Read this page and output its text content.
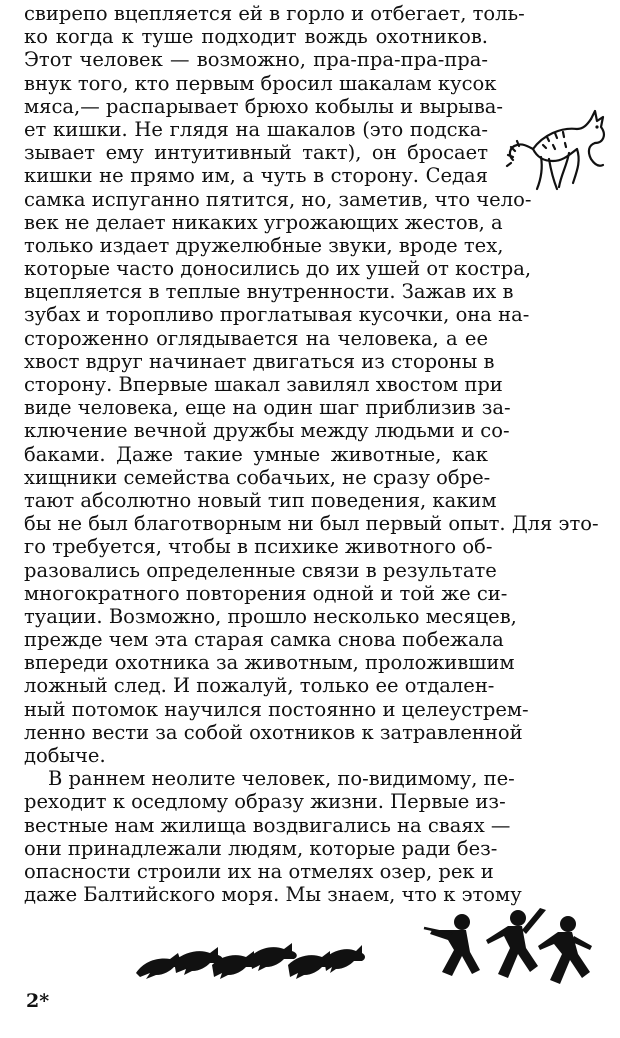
свирепо вцепляется ей в горло и отбегает, толь-
ко когда к туше подходит вождь охотников.
Этот человек — возможно, пра-пра-пра-пра-
внук того, кто первым бросил шакалам кусок
мяса,— распарывает брюхо кобылы и вырыва-
ет кишки. Не глядя на шакалов (это подска-
зывает ему интуитивный такт), он бросает
кишки не прямо им, а чуть в сторону. Седая
самка испуганно пятится, но, заметив, что чело-
век не делает никаких угрожающих жестов, а
только издает дружелюбные звуки, вроде тех,
которые часто доносились до их ушей от костра,
вцепляется в теплые внутренности. Зажав их в
зубах и торопливо проглатывая кусочки, она на-
стороженно оглядывается на человека, а ее
хвост вдруг начинает двигаться из стороны в
сторону. Впервые шакал завилял хвостом при
виде человека, еще на один шаг приблизив за-
ключение вечной дружбы между людьми и со-
баками. Даже такие умные животные, как
хищники семейства собачьих, не сразу обре-
тают абсолютно новый тип поведения, каким
бы не был благотворным ни был первый опыт. Для это-
го требуется, чтобы в психике животного об-
разовались определенные связи в результате
многократного повторения одной и той же си-
туации. Возможно, прошло несколько месяцев,
прежде чем эта старая самка снова побежала
впереди охотника за животным, проложившим
ложный след. И пожалуй, только ее отдален-
ный потомок научился постоянно и целеустрем-
ленно вести за собой охотников к затравленной
добыче.
В раннем неолите человек, по-видимому, пе-
реходит к оседлому образу жизни. Первые из-
вестные нам жилища воздвигались на сваях —
они принадлежали людям, которые ради без-
опасности строили их на отмелях озер, рек и
даже Балтийского моря. Мы знаем, что к этому
2*
